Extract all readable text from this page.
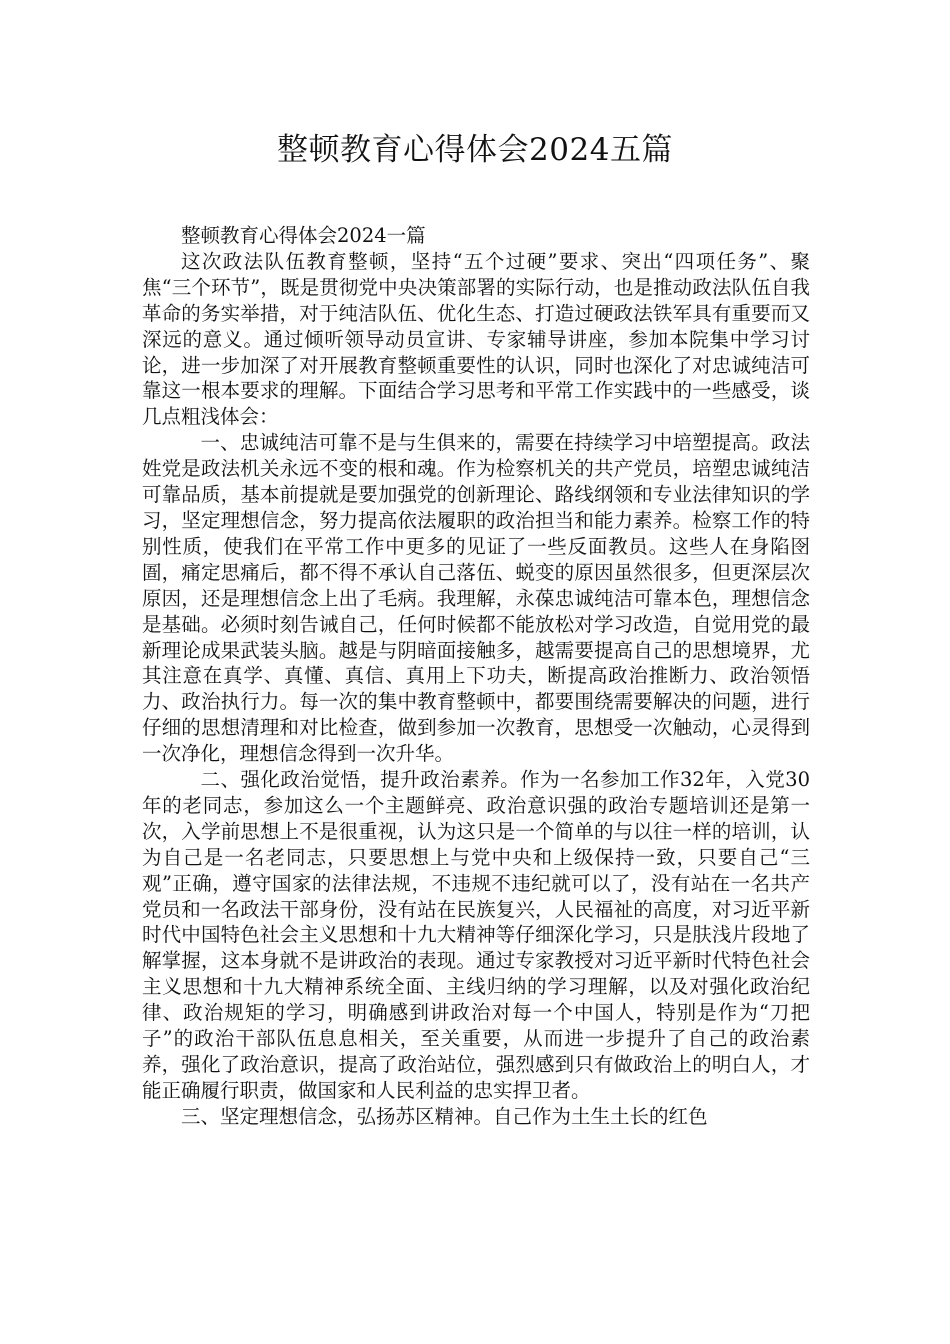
整顿教育心得体会2024五篇

整顿教育心得体会2024一篇

这次政法队伍教育整顿，坚持“五个过硬”要求、突出“四项任务”、聚焦“三个环节”，既是贯彻党中央决策部署的实际行动，也是推动政法队伍自我革命的务实举措，对于纯洁队伍、优化生态、打造过硬政法铁军具有重要而又深远的意义。通过倾听领导动员宣讲、专家辅导讲座，参加本院集中学习讨论，进一步加深了对开展教育整顿重要性的认识，同时也深化了对忠诚纯洁可靠这一根本要求的理解。下面结合学习思考和平常工作实践中的一些感受，谈几点粗浅体会：

一、忠诚纯洁可靠不是与生俱来的，需要在持续学习中培塑提高。政法姓党是政法机关永远不变的根和魂。作为检察机关的共产党员，培塑忠诚纯洁可靠品质，基本前提就是要加强党的创新理论、路线纲领和专业法律知识的学习，坚定理想信念，努力提高依法履职的政治担当和能力素养。检察工作的特别性质，使我们在平常工作中更多的见证了一些反面教员。这些人在身陷囹圄，痛定思痛后，都不得不承认自己落伍、蜕变的原因虽然很多，但更深层次原因，还是理想信念上出了毛病。我理解，永葆忠诚纯洁可靠本色，理想信念是基础。必须时刻告诫自己，任何时候都不能放松对学习改造，自觉用党的最新理论成果武装头脑。越是与阴暗面接触多，越需要提高自己的思想境界，尤其注意在真学、真懂、真信、真用上下功夫，断提高政治推断力、政治领悟力、政治执行力。每一次的集中教育整顿中，都要围绕需要解决的问题，进行仔细的思想清理和对比检查，做到参加一次教育，思想受一次触动，心灵得到一次净化，理想信念得到一次升华。

二、强化政治觉悟，提升政治素养。作为一名参加工作32年，入党30年的老同志，参加这么一个主题鲜亮、政治意识强的政治专题培训还是第一次，入学前思想上不是很重视，认为这只是一个简单的与以往一样的培训，认为自己是一名老同志，只要思想上与党中央和上级保持一致，只要自己“三观”正确，遵守国家的法律法规，不违规不违纪就可以了，没有站在一名共产党员和一名政法干部身份，没有站在民族复兴，人民福祉的高度，对习近平新时代中国特色社会主义思想和十九大精神等仔细深化学习，只是肤浅片段地了解掌握，这本身就不是讲政治的表现。通过专家教授对习近平新时代特色社会主义思想和十九大精神系统全面、主线归纳的学习理解，以及对强化政治纪律、政治规矩的学习，明确感到讲政治对每一个中国人，特别是作为“刀把子”的政治干部队伍息息相关，至关重要，从而进一步提升了自己的政治素养，强化了政治意识，提高了政治站位，强烈感到只有做政治上的明白人，才能正确履行职责，做国家和人民利益的忠实捍卫者。

三、坚定理想信念，弘扬苏区精神。自己作为土生土长的红色
